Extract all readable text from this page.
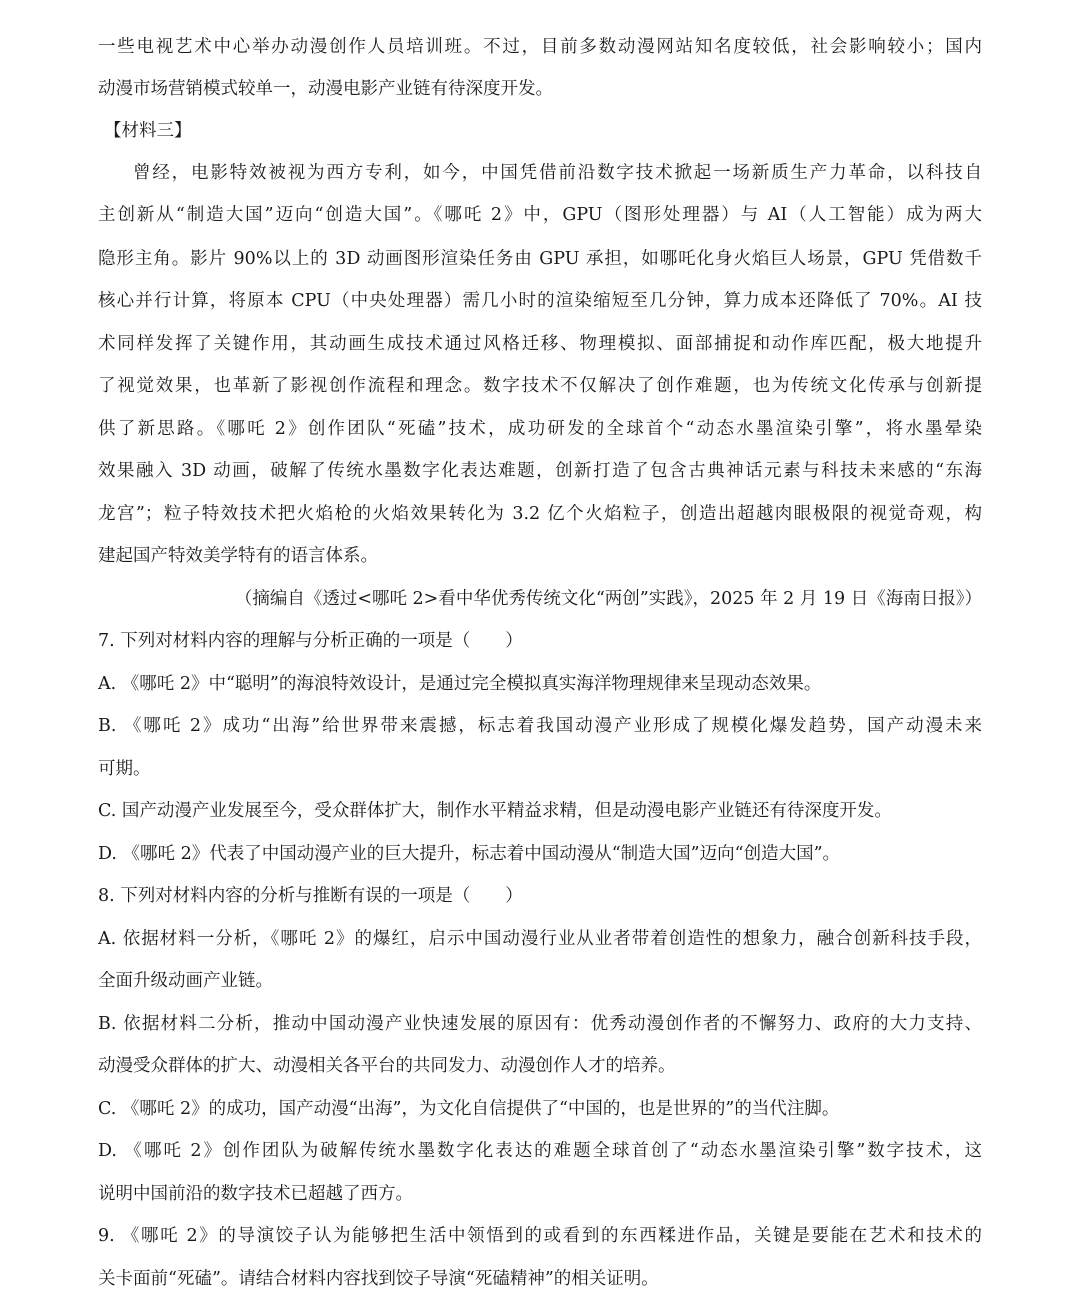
一些电视艺术中心举办动漫创作人员培训班。不过，目前多数动漫网站知名度较低，社会影响较小；国内
动漫市场营销模式较单一，动漫电影产业链有待深度开发。
【材料三】
曾经，电影特效被视为西方专利，如今，中国凭借前沿数字技术掀起一场新质生产力革命，以科技自
主创新从“制造大国”迈向“创造大国”。《哪吒 2》中，GPU（图形处理器）与 AI（人工智能）成为两大
隐形主角。影片 90%以上的 3D 动画图形渲染任务由 GPU 承担，如哪吒化身火焰巨人场景，GPU 凭借数千
核心并行计算，将原本 CPU（中央处理器）需几小时的渲染缩短至几分钟，算力成本还降低了 70%。AI 技
术同样发挥了关键作用，其动画生成技术通过风格迁移、物理模拟、面部捕捉和动作库匹配，极大地提升
了视觉效果，也革新了影视创作流程和理念。数字技术不仅解决了创作难题，也为传统文化传承与创新提
供了新思路。《哪吒 2》创作团队“死磕”技术，成功研发的全球首个“动态水墨渲染引擎”，将水墨晕染
效果融入 3D 动画，破解了传统水墨数字化表达难题，创新打造了包含古典神话元素与科技未来感的“东海
龙宫”；粒子特效技术把火焰枪的火焰效果转化为 3.2 亿个火焰粒子，创造出超越肉眼极限的视觉奇观，构
建起国产特效美学特有的语言体系。
（摘编自《透过<哪吒 2>看中华优秀传统文化“两创”实践》，2025 年 2 月 19 日《海南日报》）
7. 下列对材料内容的理解与分析正确的一项是（　　）
A. 《哪吒 2》中“聪明”的海浪特效设计，是通过完全模拟真实海洋物理规律来呈现动态效果。
B. 《哪吒 2》成功“出海”给世界带来震撼，标志着我国动漫产业形成了规模化爆发趋势，国产动漫未来
可期。
C. 国产动漫产业发展至今，受众群体扩大，制作水平精益求精，但是动漫电影产业链还有待深度开发。
D. 《哪吒 2》代表了中国动漫产业的巨大提升，标志着中国动漫从“制造大国”迈向“创造大国”。
8. 下列对材料内容的分析与推断有误的一项是（　　）
A. 依据材料一分析，《哪吒 2》的爆红，启示中国动漫行业从业者带着创造性的想象力，融合创新科技手段，
全面升级动画产业链。
B. 依据材料二分析，推动中国动漫产业快速发展的原因有：优秀动漫创作者的不懈努力、政府的大力支持、
动漫受众群体的扩大、动漫相关各平台的共同发力、动漫创作人才的培养。
C. 《哪吒 2》的成功，国产动漫“出海”，为文化自信提供了“中国的，也是世界的”的当代注脚。
D. 《哪吒 2》创作团队为破解传统水墨数字化表达的难题全球首创了“动态水墨渲染引擎”数字技术，这
说明中国前沿的数字技术已超越了西方。
9. 《哪吒 2》的导演饺子认为能够把生活中领悟到的或看到的东西糅进作品，关键是要能在艺术和技术的
关卡面前“死磕”。请结合材料内容找到饺子导演“死磕精神”的相关证明。
